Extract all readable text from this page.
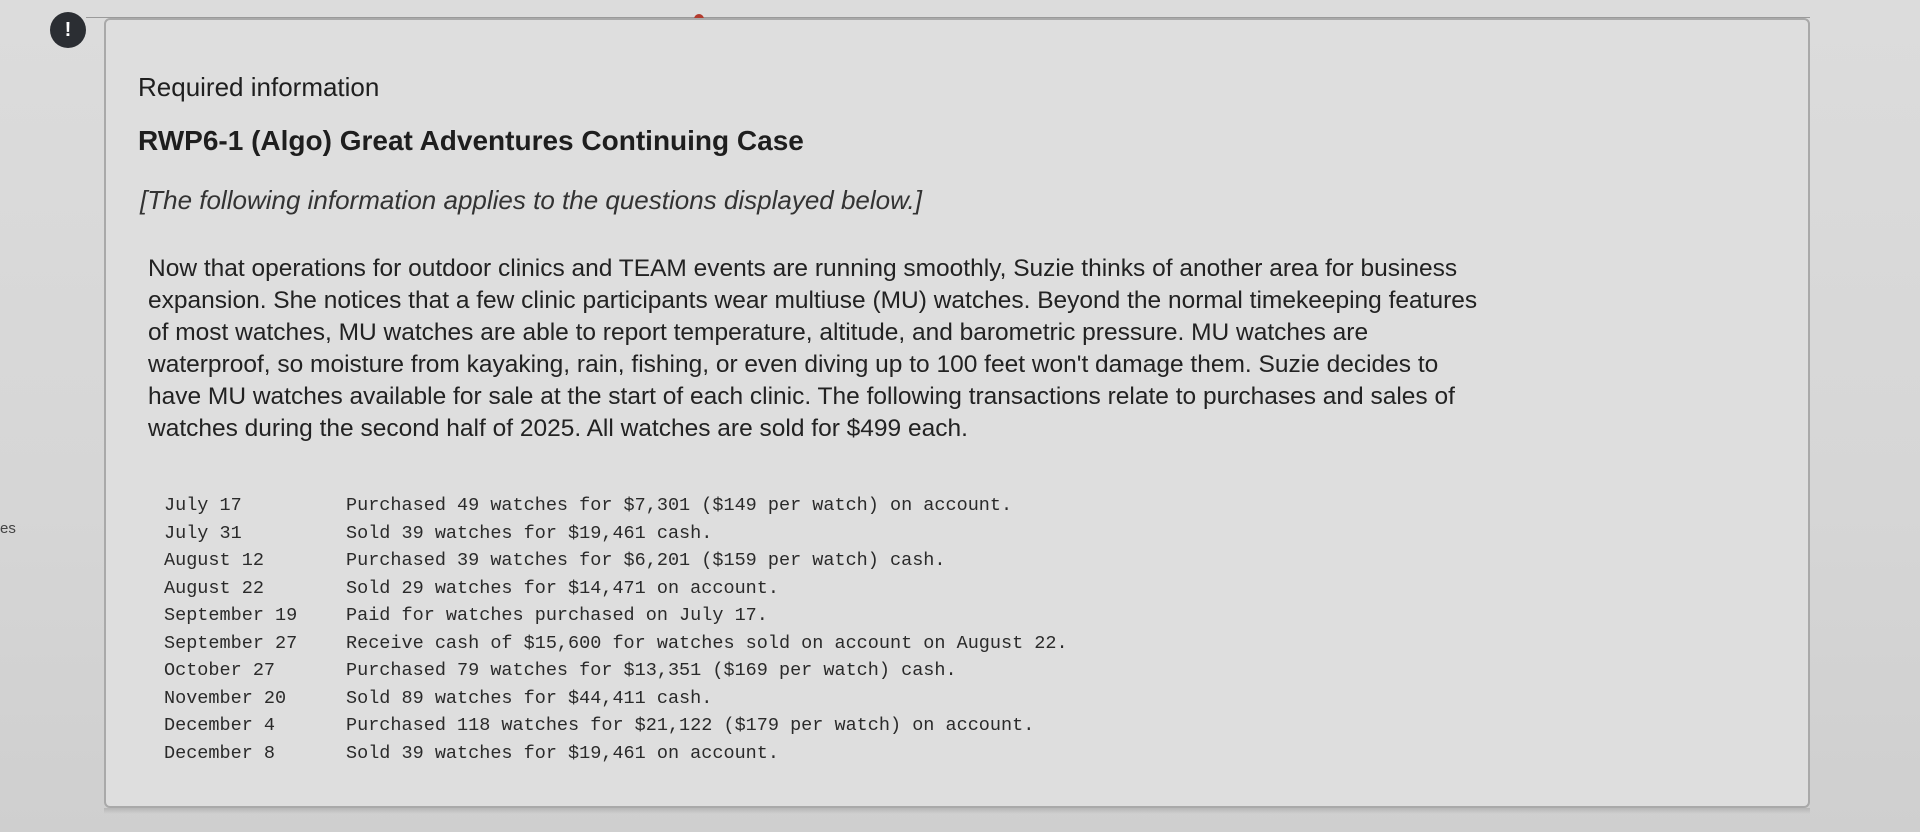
es
!
Required information
RWP6-1 (Algo) Great Adventures Continuing Case
[The following information applies to the questions displayed below.]
Now that operations for outdoor clinics and TEAM events are running smoothly, Suzie thinks of another area for business
expansion. She notices that a few clinic participants wear multiuse (MU) watches. Beyond the normal timekeeping features
of most watches, MU watches are able to report temperature, altitude, and barometric pressure. MU watches are
waterproof, so moisture from kayaking, rain, fishing, or even diving up to 100 feet won't damage them. Suzie decides to
have MU watches available for sale at the start of each clinic. The following transactions relate to purchases and sales of
watches during the second half of 2025. All watches are sold for $499 each.
July 17	Purchased 49 watches for $7,301 ($149 per watch) on account.
July 31	Sold 39 watches for $19,461 cash.
August 12	Purchased 39 watches for $6,201 ($159 per watch) cash.
August 22	Sold 29 watches for $14,471 on account.
September 19	Paid for watches purchased on July 17.
September 27	Receive cash of $15,600 for watches sold on account on August 22.
October 27	Purchased 79 watches for $13,351 ($169 per watch) cash.
November 20	Sold 89 watches for $44,411 cash.
December 4	Purchased 118 watches for $21,122 ($179 per watch) on account.
December 8	Sold 39 watches for $19,461 on account.
